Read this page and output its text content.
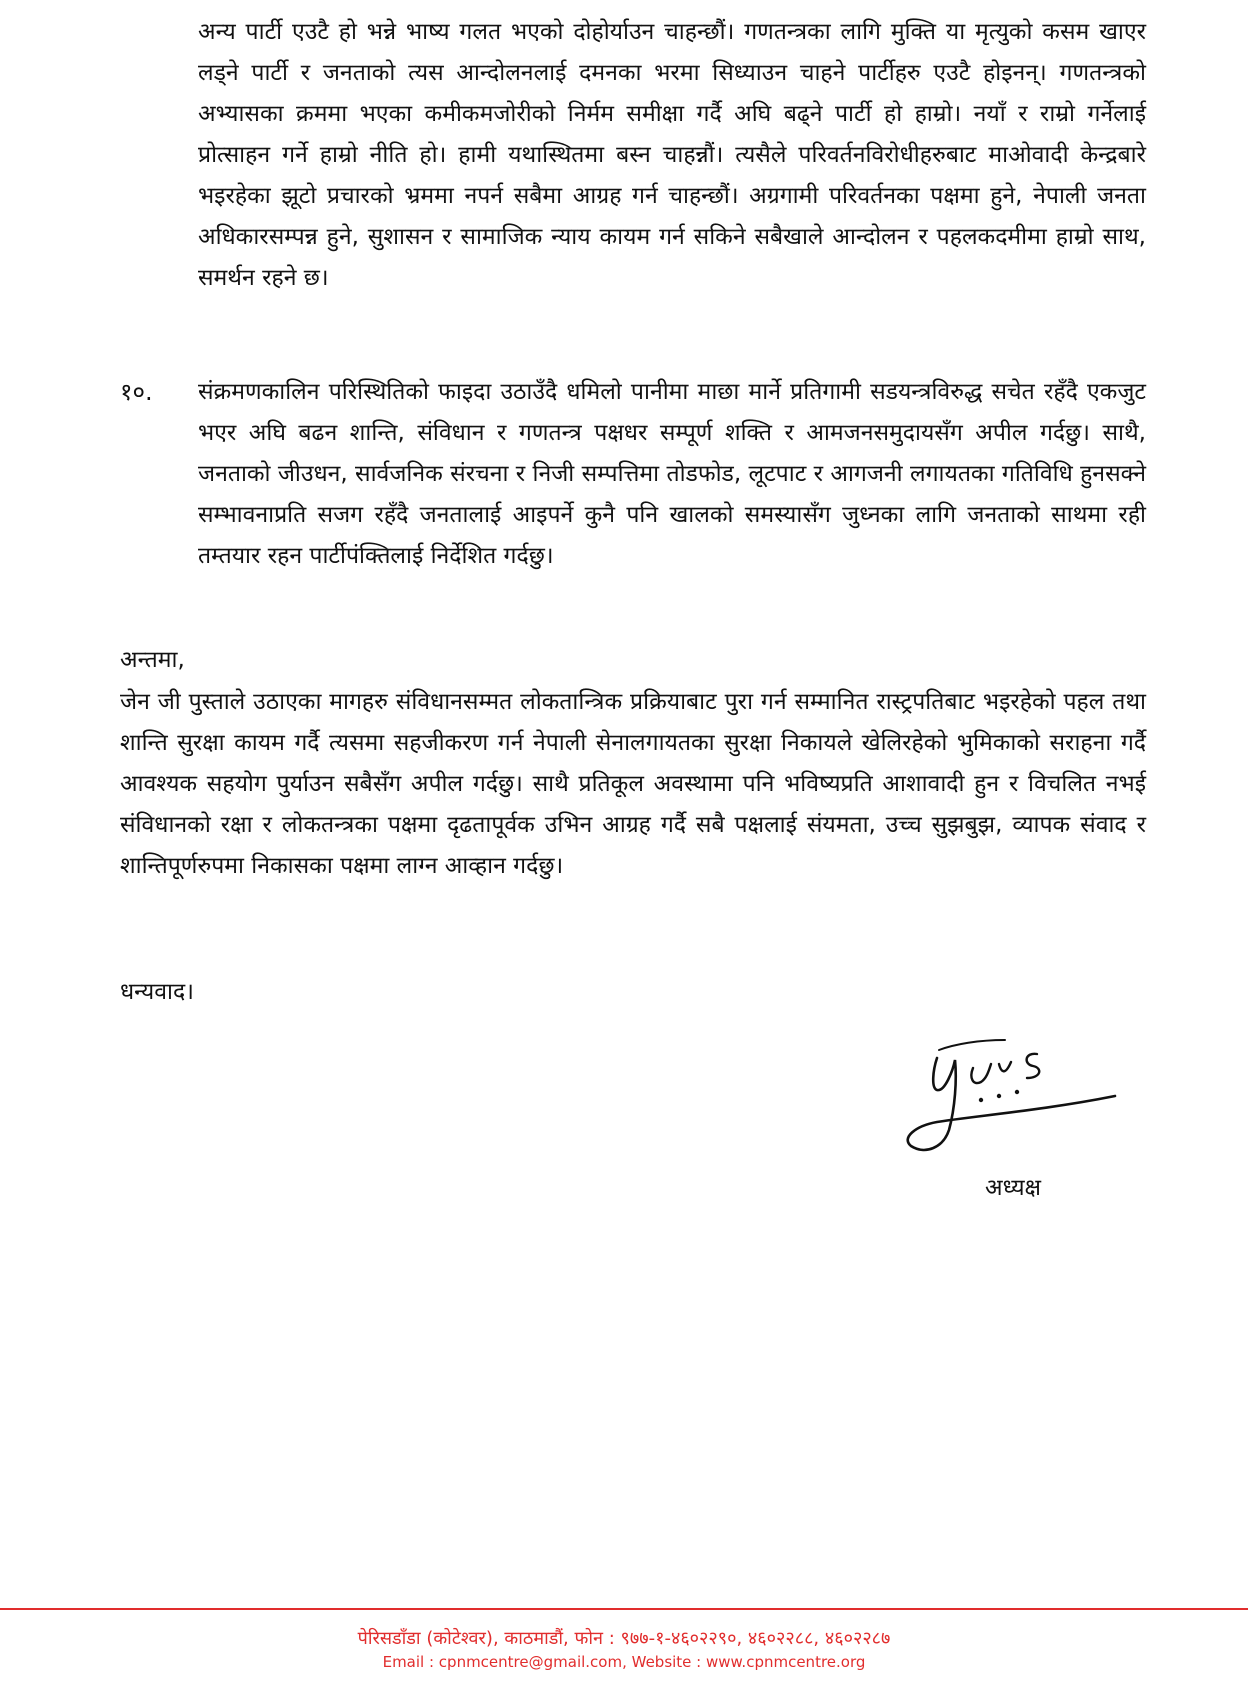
अन्य पार्टी एउटै हो भन्ने भाष्य गलत भएको दोहोर्याउन चाहन्छौं। गणतन्त्रका लागि मुक्ति या मृत्युको कसम खाएर लड्ने पार्टी र जनताको त्यस आन्दोलनलाई दमनका भरमा सिध्याउन चाहने पार्टीहरु एउटै होइनन्। गणतन्त्रको अभ्यासका क्रममा भएका कमीकमजोरीको निर्मम समीक्षा गर्दै अघि बढ्ने पार्टी हो हाम्रो। नयाँ र राम्रो गर्नेलाई प्रोत्साहन गर्ने हाम्रो नीति हो। हामी यथास्थितमा बस्न चाहन्नौं। त्यसैले परिवर्तनविरोधीहरुबाट माओवादी केन्द्रबारे भइरहेका झूटो प्रचारको भ्रममा नपर्न सबैमा आग्रह गर्न चाहन्छौं। अग्रगामी परिवर्तनका पक्षमा हुने, नेपाली जनता अधिकारसम्पन्न हुने, सुशासन र सामाजिक न्याय कायम गर्न सकिने सबैखाले आन्दोलन र पहलकदमीमा हाम्रो साथ, समर्थन रहने छ।

१०. संक्रमणकालिन परिस्थितिको फाइदा उठाउँदै धमिलो पानीमा माछा मार्ने प्रतिगामी सडयन्त्रविरुद्ध सचेत रहँदै एकजुट भएर अघि बढन शान्ति, संविधान र गणतन्त्र पक्षधर सम्पूर्ण शक्ति र आमजनसमुदायसँग अपील गर्दछु। साथै, जनताको जीउधन, सार्वजनिक संरचना र निजी सम्पत्तिमा तोडफोड, लूटपाट र आगजनी लगायतका गतिविधि हुनसक्ने सम्भावनाप्रति सजग रहँदै जनतालाई आइपर्ने कुनै पनि खालको समस्यासँग जुध्नका लागि जनताको साथमा रही तम्तयार रहन पार्टीपंक्तिलाई निर्देशित गर्दछु।

अन्तमा,

जेन जी पुस्ताले उठाएका मागहरु संविधानसम्मत लोकतान्त्रिक प्रक्रियाबाट पुरा गर्न सम्मानित रास्ट्रपतिबाट भइरहेको पहल तथा शान्ति सुरक्षा कायम गर्दै त्यसमा सहजीकरण गर्न नेपाली सेनालगायतका सुरक्षा निकायले खेलिरहेको भुमिकाको सराहना गर्दै आवश्यक सहयोग पुर्याउन सबैसँग अपील गर्दछु। साथै प्रतिकूल अवस्थामा पनि भविष्यप्रति आशावादी हुन र विचलित नभई संविधानको रक्षा र लोकतन्त्रका पक्षमा दृढतापूर्वक उभिन आग्रह गर्दै सबै पक्षलाई संयमता, उच्च सुझबुझ, व्यापक संवाद र शान्तिपूर्णरुपमा निकासका पक्षमा लाग्न आव्हान गर्दछु।

धन्यवाद।
अध्यक्ष
पेरिसडाँडा (कोटेश्वर), काठमाडौं, फोन : ९७७-१-४६०२२९०, ४६०२२८८, ४६०२२८७
Email : cpnmcentre@gmail.com, Website : www.cpnmcentre.org
